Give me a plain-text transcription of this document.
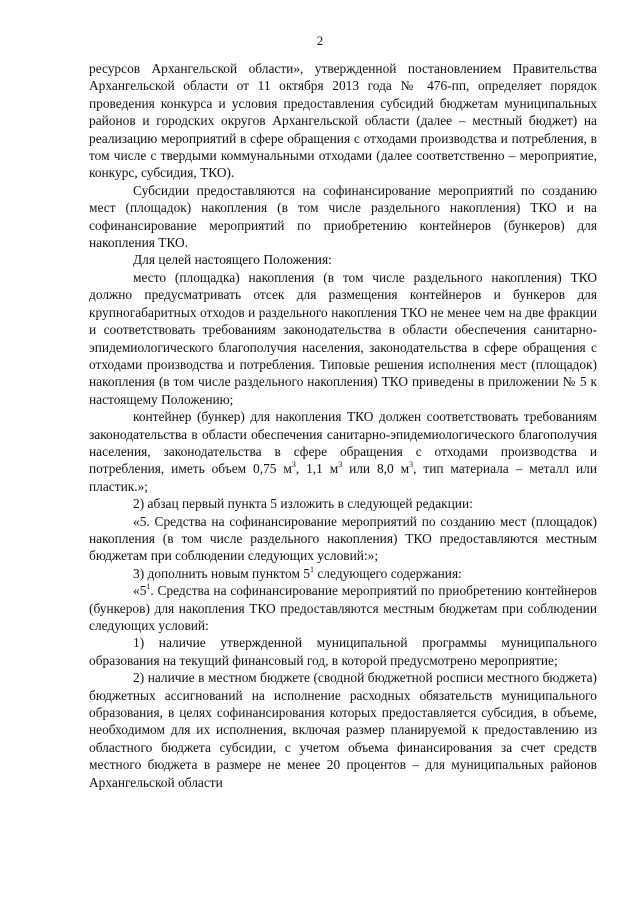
2

ресурсов Архангельской области», утвержденной постановлением Правительства Архангельской области от 11 октября 2013 года № 476-пп, определяет порядок проведения конкурса и условия предоставления субсидий бюджетам муниципальных районов и городских округов Архангельской области (далее – местный бюджет) на реализацию мероприятий в сфере обращения с отходами производства и потребления, в том числе с твердыми коммунальными отходами (далее соответственно – мероприятие, конкурс, субсидия, ТКО).

Субсидии предоставляются на софинансирование мероприятий по созданию мест (площадок) накопления (в том числе раздельного накопления) ТКО и на софинансирование мероприятий по приобретению контейнеров (бункеров) для накопления ТКО.

Для целей настоящего Положения:

место (площадка) накопления (в том числе раздельного накопления) ТКО должно предусматривать отсек для размещения контейнеров и бункеров для крупногабаритных отходов и раздельного накопления ТКО не менее чем на две фракции и соответствовать требованиям законодательства в области обеспечения санитарно-эпидемиологического благополучия населения, законодательства в сфере обращения с отходами производства и потребления. Типовые решения исполнения мест (площадок) накопления (в том числе раздельного накопления) ТКО приведены в приложении № 5 к настоящему Положению;

контейнер (бункер) для накопления ТКО должен соответствовать требованиям законодательства в области обеспечения санитарно-эпидемиологического благополучия населения, законодательства в сфере обращения с отходами производства и потребления, иметь объем 0,75 $м^3$, 1,1 $м^3$ или 8,0 $м^3$, тип материала – металл или пластик.»;

2) абзац первый пункта 5 изложить в следующей редакции:

«5. Средства на софинансирование мероприятий по созданию мест (площадок) накопления (в том числе раздельного накопления) ТКО предоставляются местным бюджетам при соблюдении следующих условий:»;

3) дополнить новым пунктом $5^1$ следующего содержания:

«$5^1$. Средства на софинансирование мероприятий по приобретению контейнеров (бункеров) для накопления ТКО предоставляются местным бюджетам при соблюдении следующих условий:

1) наличие утвержденной муниципальной программы муниципального образования на текущий финансовый год, в которой предусмотрено мероприятие;

2) наличие в местном бюджете (сводной бюджетной росписи местного бюджета) бюджетных ассигнований на исполнение расходных обязательств муниципального образования, в целях софинансирования которых предоставляется субсидия, в объеме, необходимом для их исполнения, включая размер планируемой к предоставлению из областного бюджета субсидии, с учетом объема финансирования за счет средств местного бюджета в размере не менее 20 процентов – для муниципальных районов Архангельской области
